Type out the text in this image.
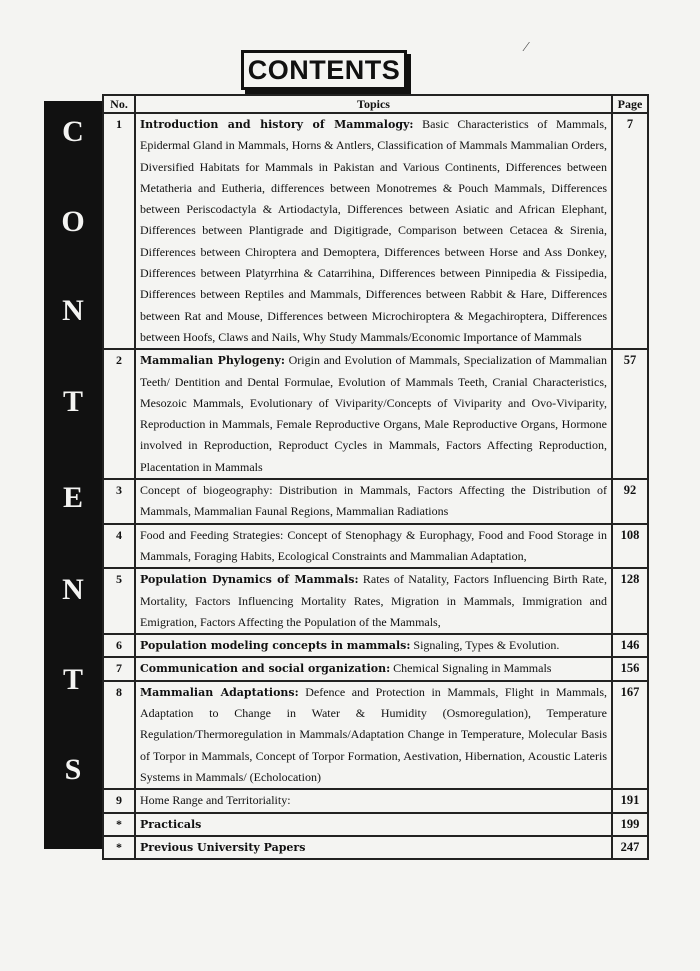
CONTENTS
C
O
N
T
E
N
T
S
No.	Topics	Page
1	Introduction and history of Mammalogy: Basic Characteristics of Mammals, Epidermal Gland in Mammals, Horns & Antlers, Classification of Mammals Mammalian Orders, Diversified Habitats for Mammals in Pakistan and Various Continents, Differences between Metatheria and Eutheria, differences between Monotremes & Pouch Mammals, Differences between Periscodactyla & Artiodactyla, Differences between Asiatic and African Elephant, Differences between Plantigrade and Digitigrade, Comparison between Cetacea & Sirenia, Differences between Chiroptera and Demoptera, Differences between Horse and Ass Donkey, Differences between Platyrrhina & Catarrihina, Differences between Pinnipedia & Fissipedia, Differences between Reptiles and Mammals, Differences between Rabbit & Hare, Differences between Rat and Mouse, Differences between Microchiroptera & Megachiroptera, Differences between Hoofs, Claws and Nails, Why Study Mammals/Economic Importance of Mammals	7
2	Mammalian Phylogeny: Origin and Evolution of Mammals, Specialization of Mammalian Teeth/ Dentition and Dental Formulae, Evolution of Mammals Teeth, Cranial Characteristics, Mesozoic Mammals, Evolutionary of Viviparity/Concepts of Viviparity and Ovo-Viviparity, Reproduction in Mammals, Female Reproductive Organs, Male Reproductive Organs, Hormone involved in Reproduction, Reproduct Cycles in Mammals, Factors Affecting Reproduction, Placentation in Mammals	57
3	Concept of biogeography: Distribution in Mammals, Factors Affecting the Distribution of Mammals, Mammalian Faunal Regions, Mammalian Radiations	92
4	Food and Feeding Strategies: Concept of Stenophagy & Europhagy, Food and Food Storage in Mammals, Foraging Habits, Ecological Constraints and Mammalian Adaptation,	108
5	Population Dynamics of Mammals: Rates of Natality, Factors Influencing Birth Rate, Mortality, Factors Influencing Mortality Rates, Migration in Mammals, Immigration and Emigration, Factors Affecting the Population of the Mammals,	128
6	Population modeling concepts in mammals: Signaling, Types & Evolution.	146
7	Communication and social organization: Chemical Signaling in Mammals	156
8	Mammalian Adaptations: Defence and Protection in Mammals, Flight in Mammals, Adaptation to Change in Water & Humidity (Osmoregulation), Temperature Regulation/Thermoregulation in Mammals/Adaptation Change in Temperature, Molecular Basis of Torpor in Mammals, Concept of Torpor Formation, Aestivation, Hibernation, Acoustic Lateris Systems in Mammals/ (Echolocation)	167
9	Home Range and Territoriality:	191
*	Practicals	199
*	Previous University Papers	247
⁄
